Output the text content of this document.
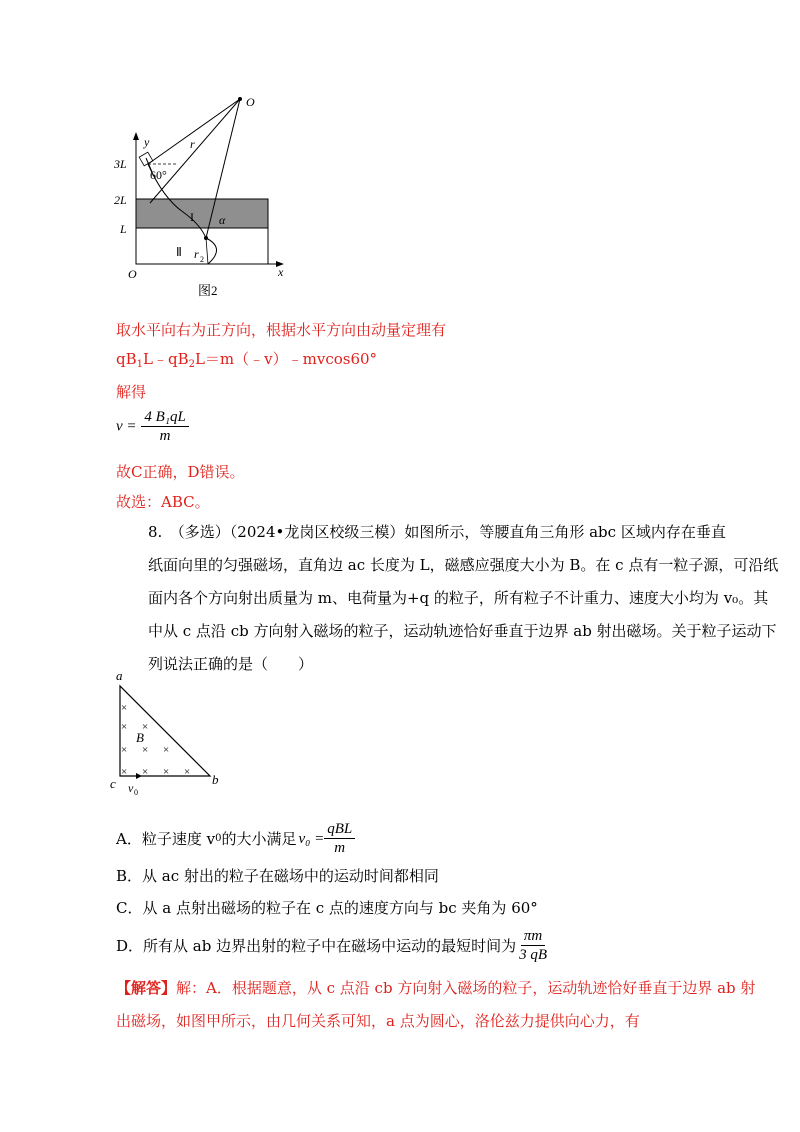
O
y	r
3L
60°
2L
L
I α
Ⅱ r 2
O	x
图2
取水平向右为正方向，根据水平方向由动量定理有
$qB_1L﹣qB_2L=m(﹣v)﹣mvcos60^\circ$
解得
$v = \frac{\text{4 B₁qL}}{m}$
故C正确，D错误。
故选：ABC。
8.　（多选）（2024•龙岗区校级三模）如图所示，等腰直角三角形 abc 区域内存在垂直
纸面向里的匀强磁场，直角边 ac 长度为 L，磁感应强度大小为 B。在 c 点有一粒子源，可沿纸
面内各个方向射出质量为 m、电荷量为+q 的粒子，所有粒子不计重力、速度大小均为 v₀。其
中从 c 点沿 cb 方向射入磁场的粒子，运动轨迹恰好垂直于边界 ab 射出磁场。关于粒子运动下
列说法正确的是（　　）
a
b
c
B
v 0
×
× ×
× × ×
× × × ×
A．粒子速度 v 0 的大小满足 $v_0 = \frac{\text{qBL}}{m}$
B．从 ac 射出的粒子在磁场中的运动时间都相同
C．从 a 点射出磁场的粒子在 c 点的速度方向与 bc 夹角为 60°
D．所有从 ab 边界出射的粒子中在磁场中运动的最短时间为 $\frac{\pi m}{3 qB}$
【解答】解：A．根据题意，从 c 点沿 cb 方向射入磁场的粒子，运动轨迹恰好垂直于边界 ab 射
出磁场，如图甲所示，由几何关系可知，a 点为圆心，洛伦兹力提供向心力，有
